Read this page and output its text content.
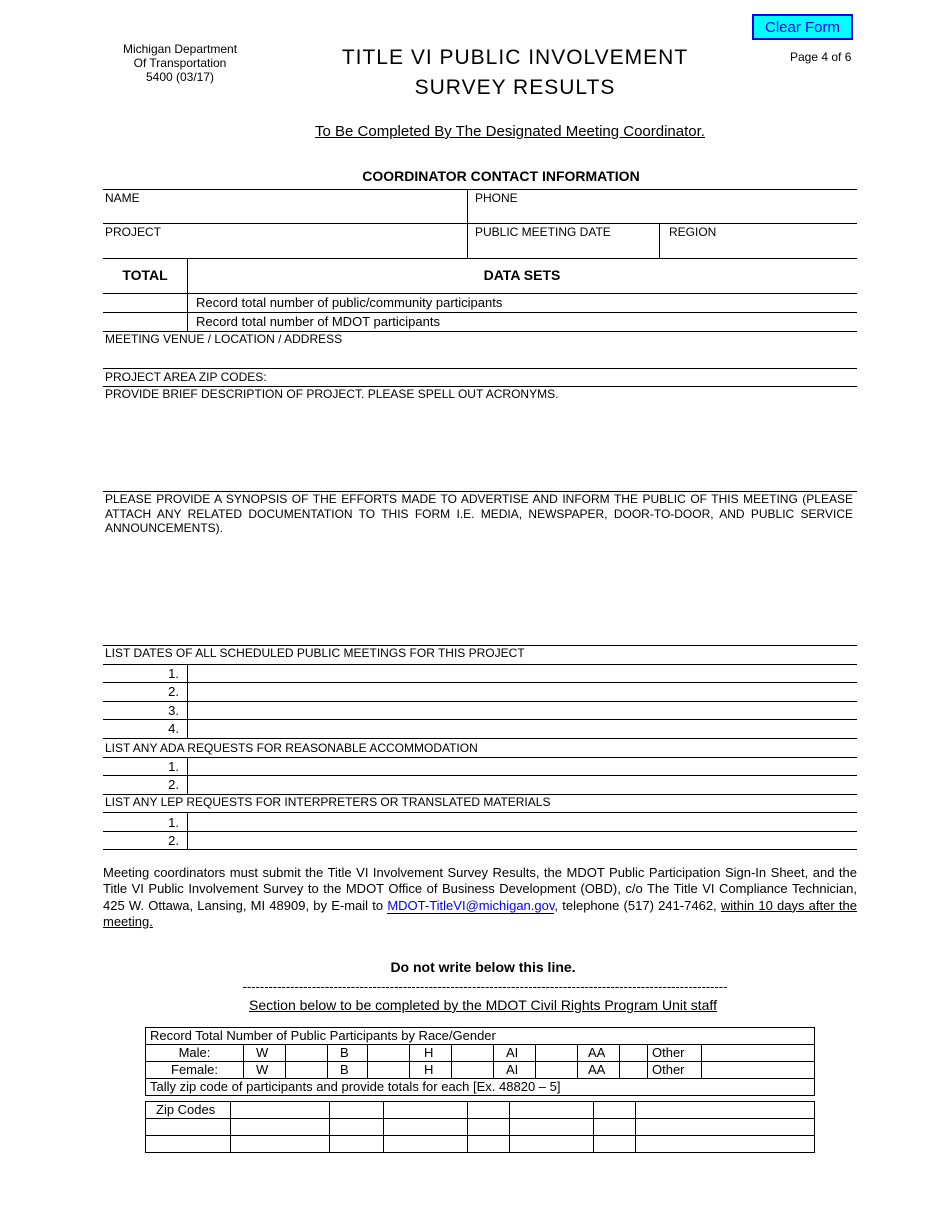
Michigan Department
Of Transportation
5400 (03/17)
TITLE VI PUBLIC INVOLVEMENT
SURVEY RESULTS
Clear Form
Page 4 of 6
To Be Completed By The Designated Meeting Coordinator.
COORDINATOR CONTACT INFORMATION
NAME	PHONE
PROJECT	PUBLIC MEETING DATE	REGION
TOTAL	DATA SETS
Record total number of public/community participants
Record total number of MDOT participants
MEETING VENUE / LOCATION / ADDRESS
PROJECT AREA ZIP CODES:
PROVIDE BRIEF DESCRIPTION OF PROJECT. PLEASE SPELL OUT ACRONYMS.
PLEASE PROVIDE A SYNOPSIS OF THE EFFORTS MADE TO ADVERTISE AND INFORM THE PUBLIC OF THIS MEETING (PLEASE ATTACH ANY RELATED DOCUMENTATION TO THIS FORM I.E. MEDIA, NEWSPAPER, DOOR-TO-DOOR, AND PUBLIC SERVICE ANNOUNCEMENTS).
LIST DATES OF ALL SCHEDULED PUBLIC MEETINGS FOR THIS PROJECT
1.
2.
3.
4.
LIST ANY ADA REQUESTS FOR REASONABLE ACCOMMODATION
1.
2.
LIST ANY LEP REQUESTS FOR INTERPRETERS OR TRANSLATED MATERIALS
1.
2.
Meeting coordinators must submit the Title VI Involvement Survey Results, the MDOT Public Participation Sign-In Sheet, and the Title VI Public Involvement Survey to the MDOT Office of Business Development (OBD), c/o The Title VI Compliance Technician, 425 W. Ottawa, Lansing, MI 48909, by E-mail to MDOT-TitleVI@michigan.gov, telephone (517) 241-7462, within 10 days after the meeting.
Do not write below this line.
----------------------------------------------------------------------------------------------------------------
Section below to be completed by the MDOT Civil Rights Program Unit staff
Record Total Number of Public Participants by Race/Gender												
Male:	W		B		H		AI		AA		Other	
Female:	W		B		H		AI		AA		Other	
Tally zip code of participants and provide totals for each [Ex. 48820 – 5]												
Zip Codes							
